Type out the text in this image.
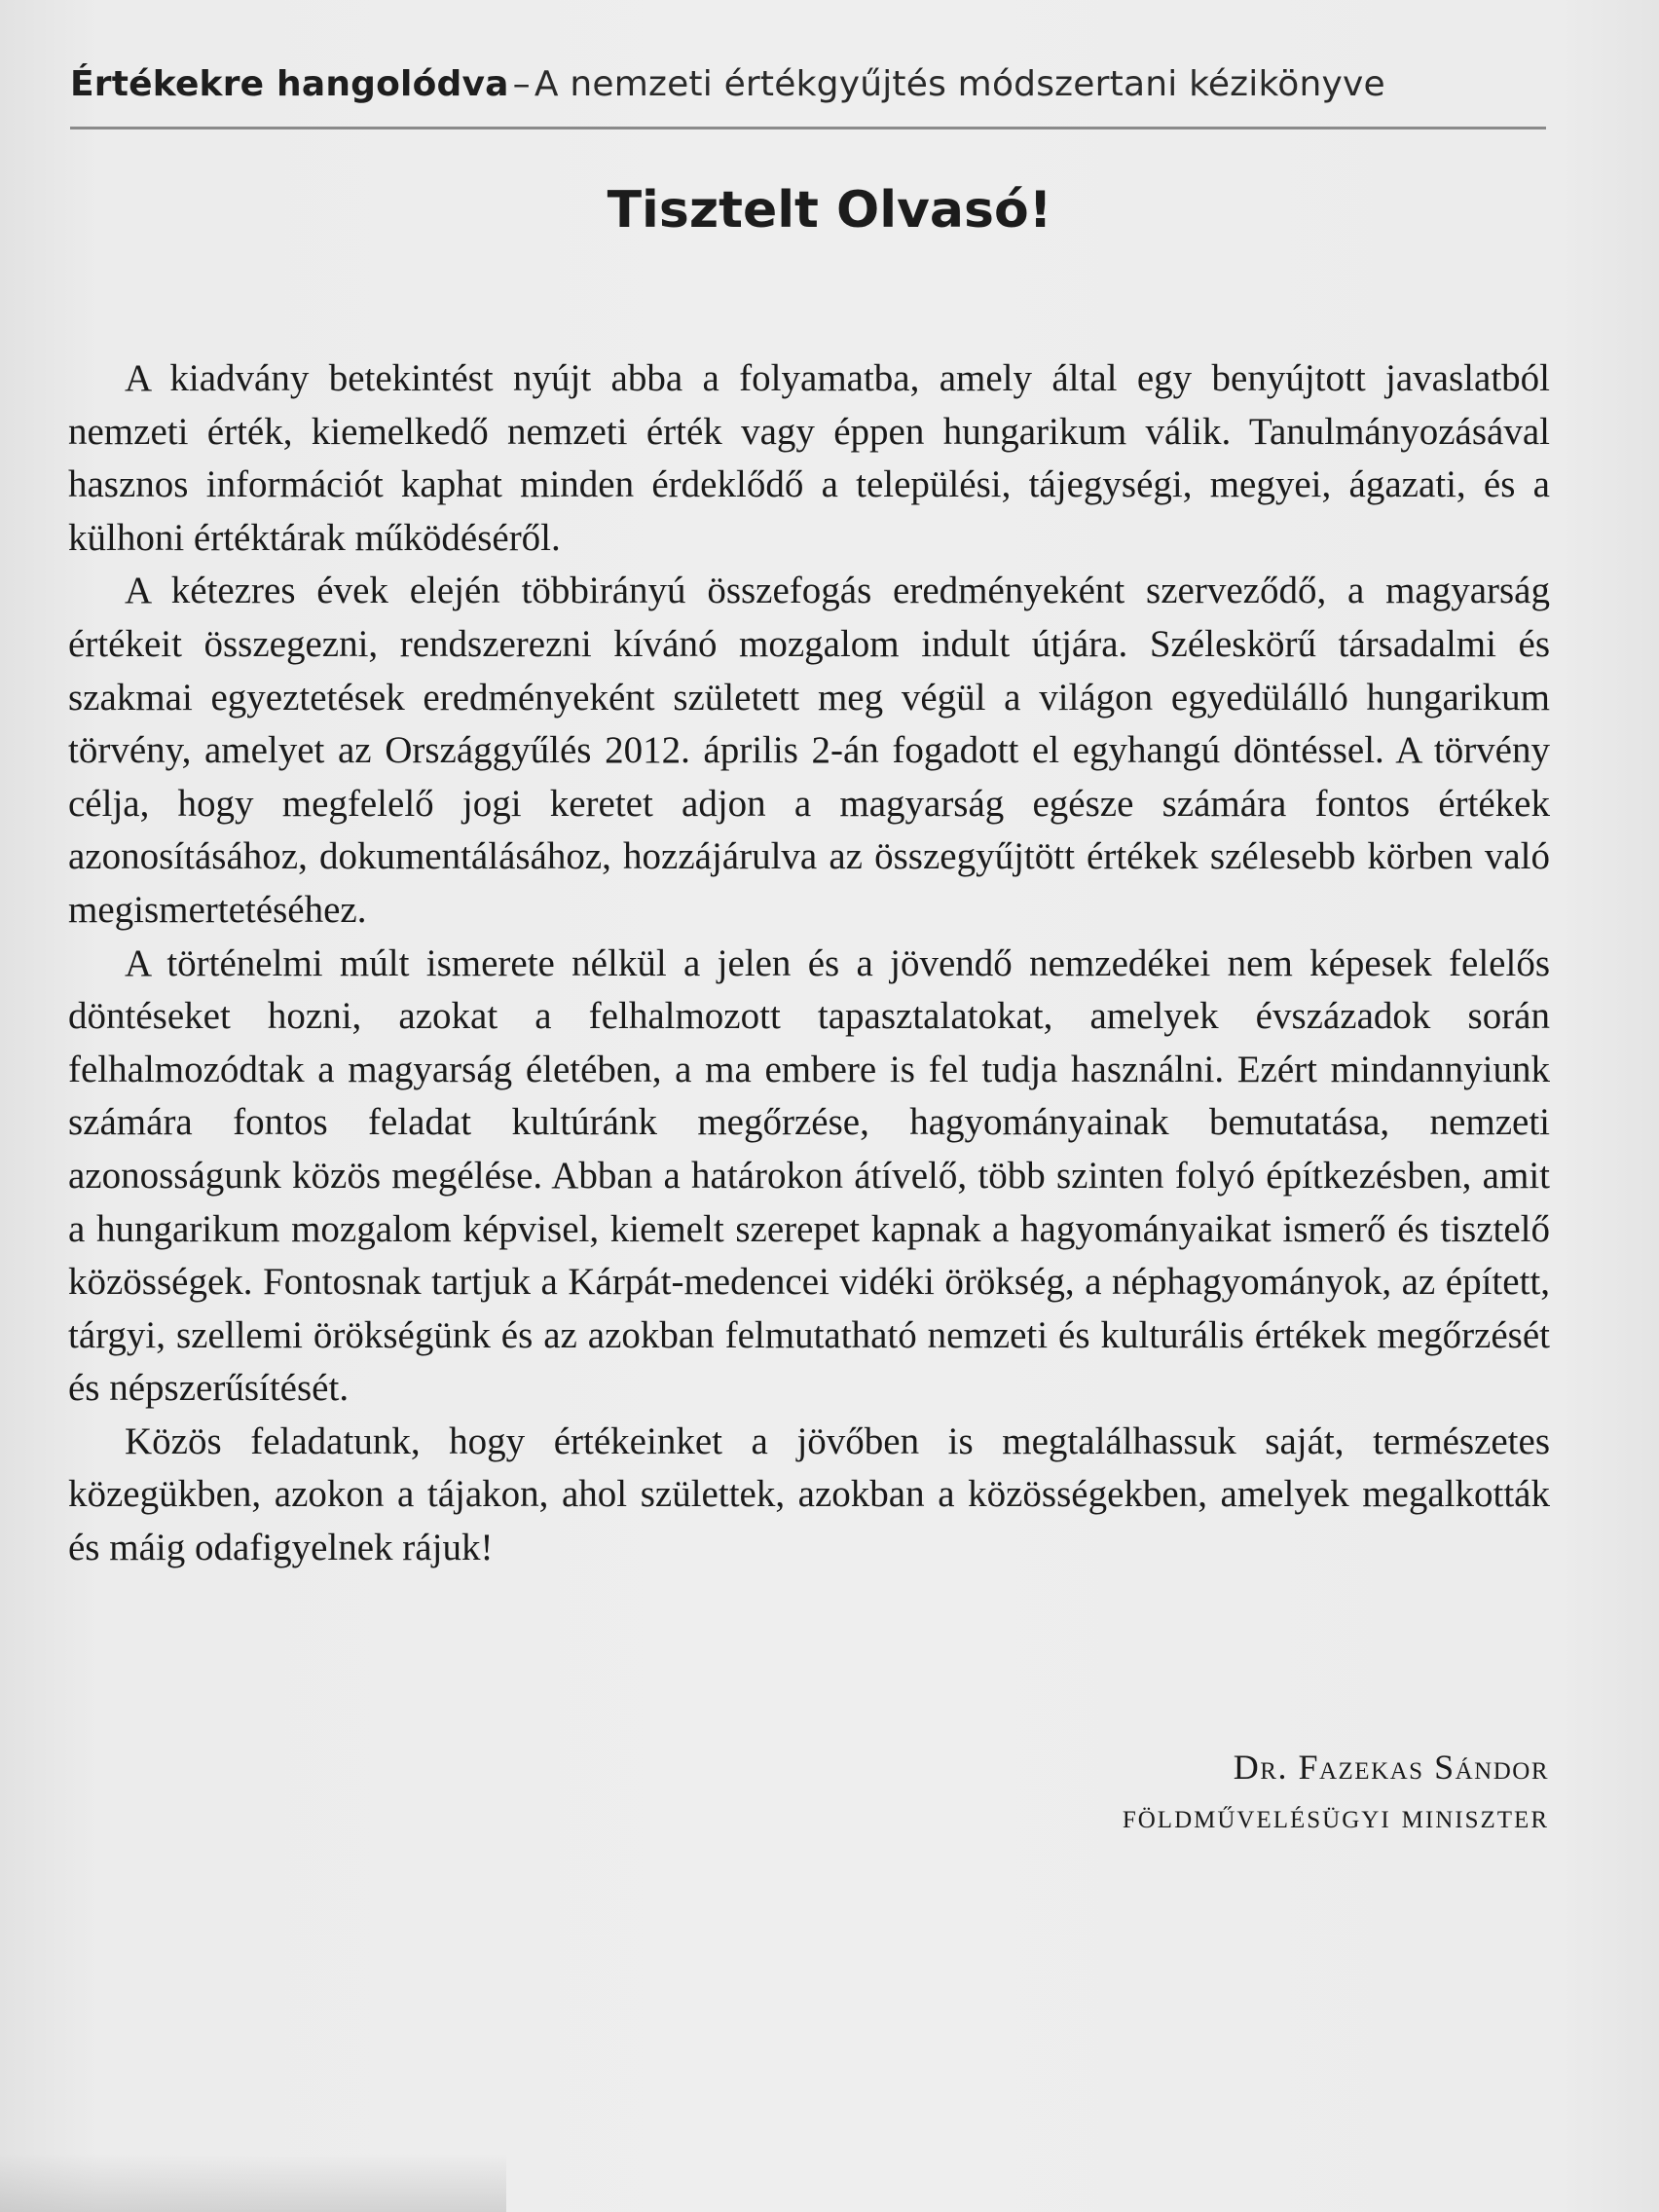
Értékekre hangolódva – A nemzeti értékgyűjtés módszertani kézikönyve
Tisztelt Olvasó!

A kiadvány betekintést nyújt abba a folyamatba, amely által egy benyújtott javaslatból nemzeti érték, kiemelkedő nemzeti érték vagy éppen hungarikum válik. Tanulmányozásával hasznos információt kaphat minden érdeklődő a települési, tájegységi, megyei, ágazati, és a külhoni értéktárak működéséről.

A kétezres évek elején többirányú összefogás eredményeként szerveződő, a magyarság értékeit összegezni, rendszerezni kívánó mozgalom indult útjára. Széleskörű társadalmi és szakmai egyeztetések eredményeként született meg végül a világon egyedülálló hungarikum törvény, amelyet az Országgyűlés 2012. április 2-án fogadott el egyhangú döntéssel. A törvény célja, hogy megfelelő jogi keretet adjon a magyarság egésze számára fontos értékek azonosításához, dokumentálásához, hozzájárulva az összegyűjtött értékek szélesebb körben való megismertetéséhez.

A történelmi múlt ismerete nélkül a jelen és a jövendő nemzedékei nem képesek felelős döntéseket hozni, azokat a felhalmozott tapasztalatokat, amelyek évszázadok során felhalmozódtak a magyarság életében, a ma embere is fel tudja használni. Ezért mindannyiunk számára fontos feladat kultúránk megőrzése, hagyományainak bemutatása, nemzeti azonosságunk közös megélése. Abban a határokon átívelő, több szinten folyó építkezésben, amit a hungarikum mozgalom képvisel, kiemelt szerepet kapnak a hagyományaikat ismerő és tisztelő közösségek. Fontosnak tartjuk a Kárpát-medencei vidéki örökség, a néphagyományok, az épített, tárgyi, szellemi örökségünk és az azokban felmutatható nemzeti és kulturális értékek megőrzését és népszerűsítését.

Közös feladatunk, hogy értékeinket a jövőben is megtalálhassuk saját, természetes közegükben, azokon a tájakon, ahol születtek, azokban a közösségekben, amelyek megalkották és máig odafigyelnek rájuk!

Dr. Fazekas Sándor
földművelésügyi miniszter
